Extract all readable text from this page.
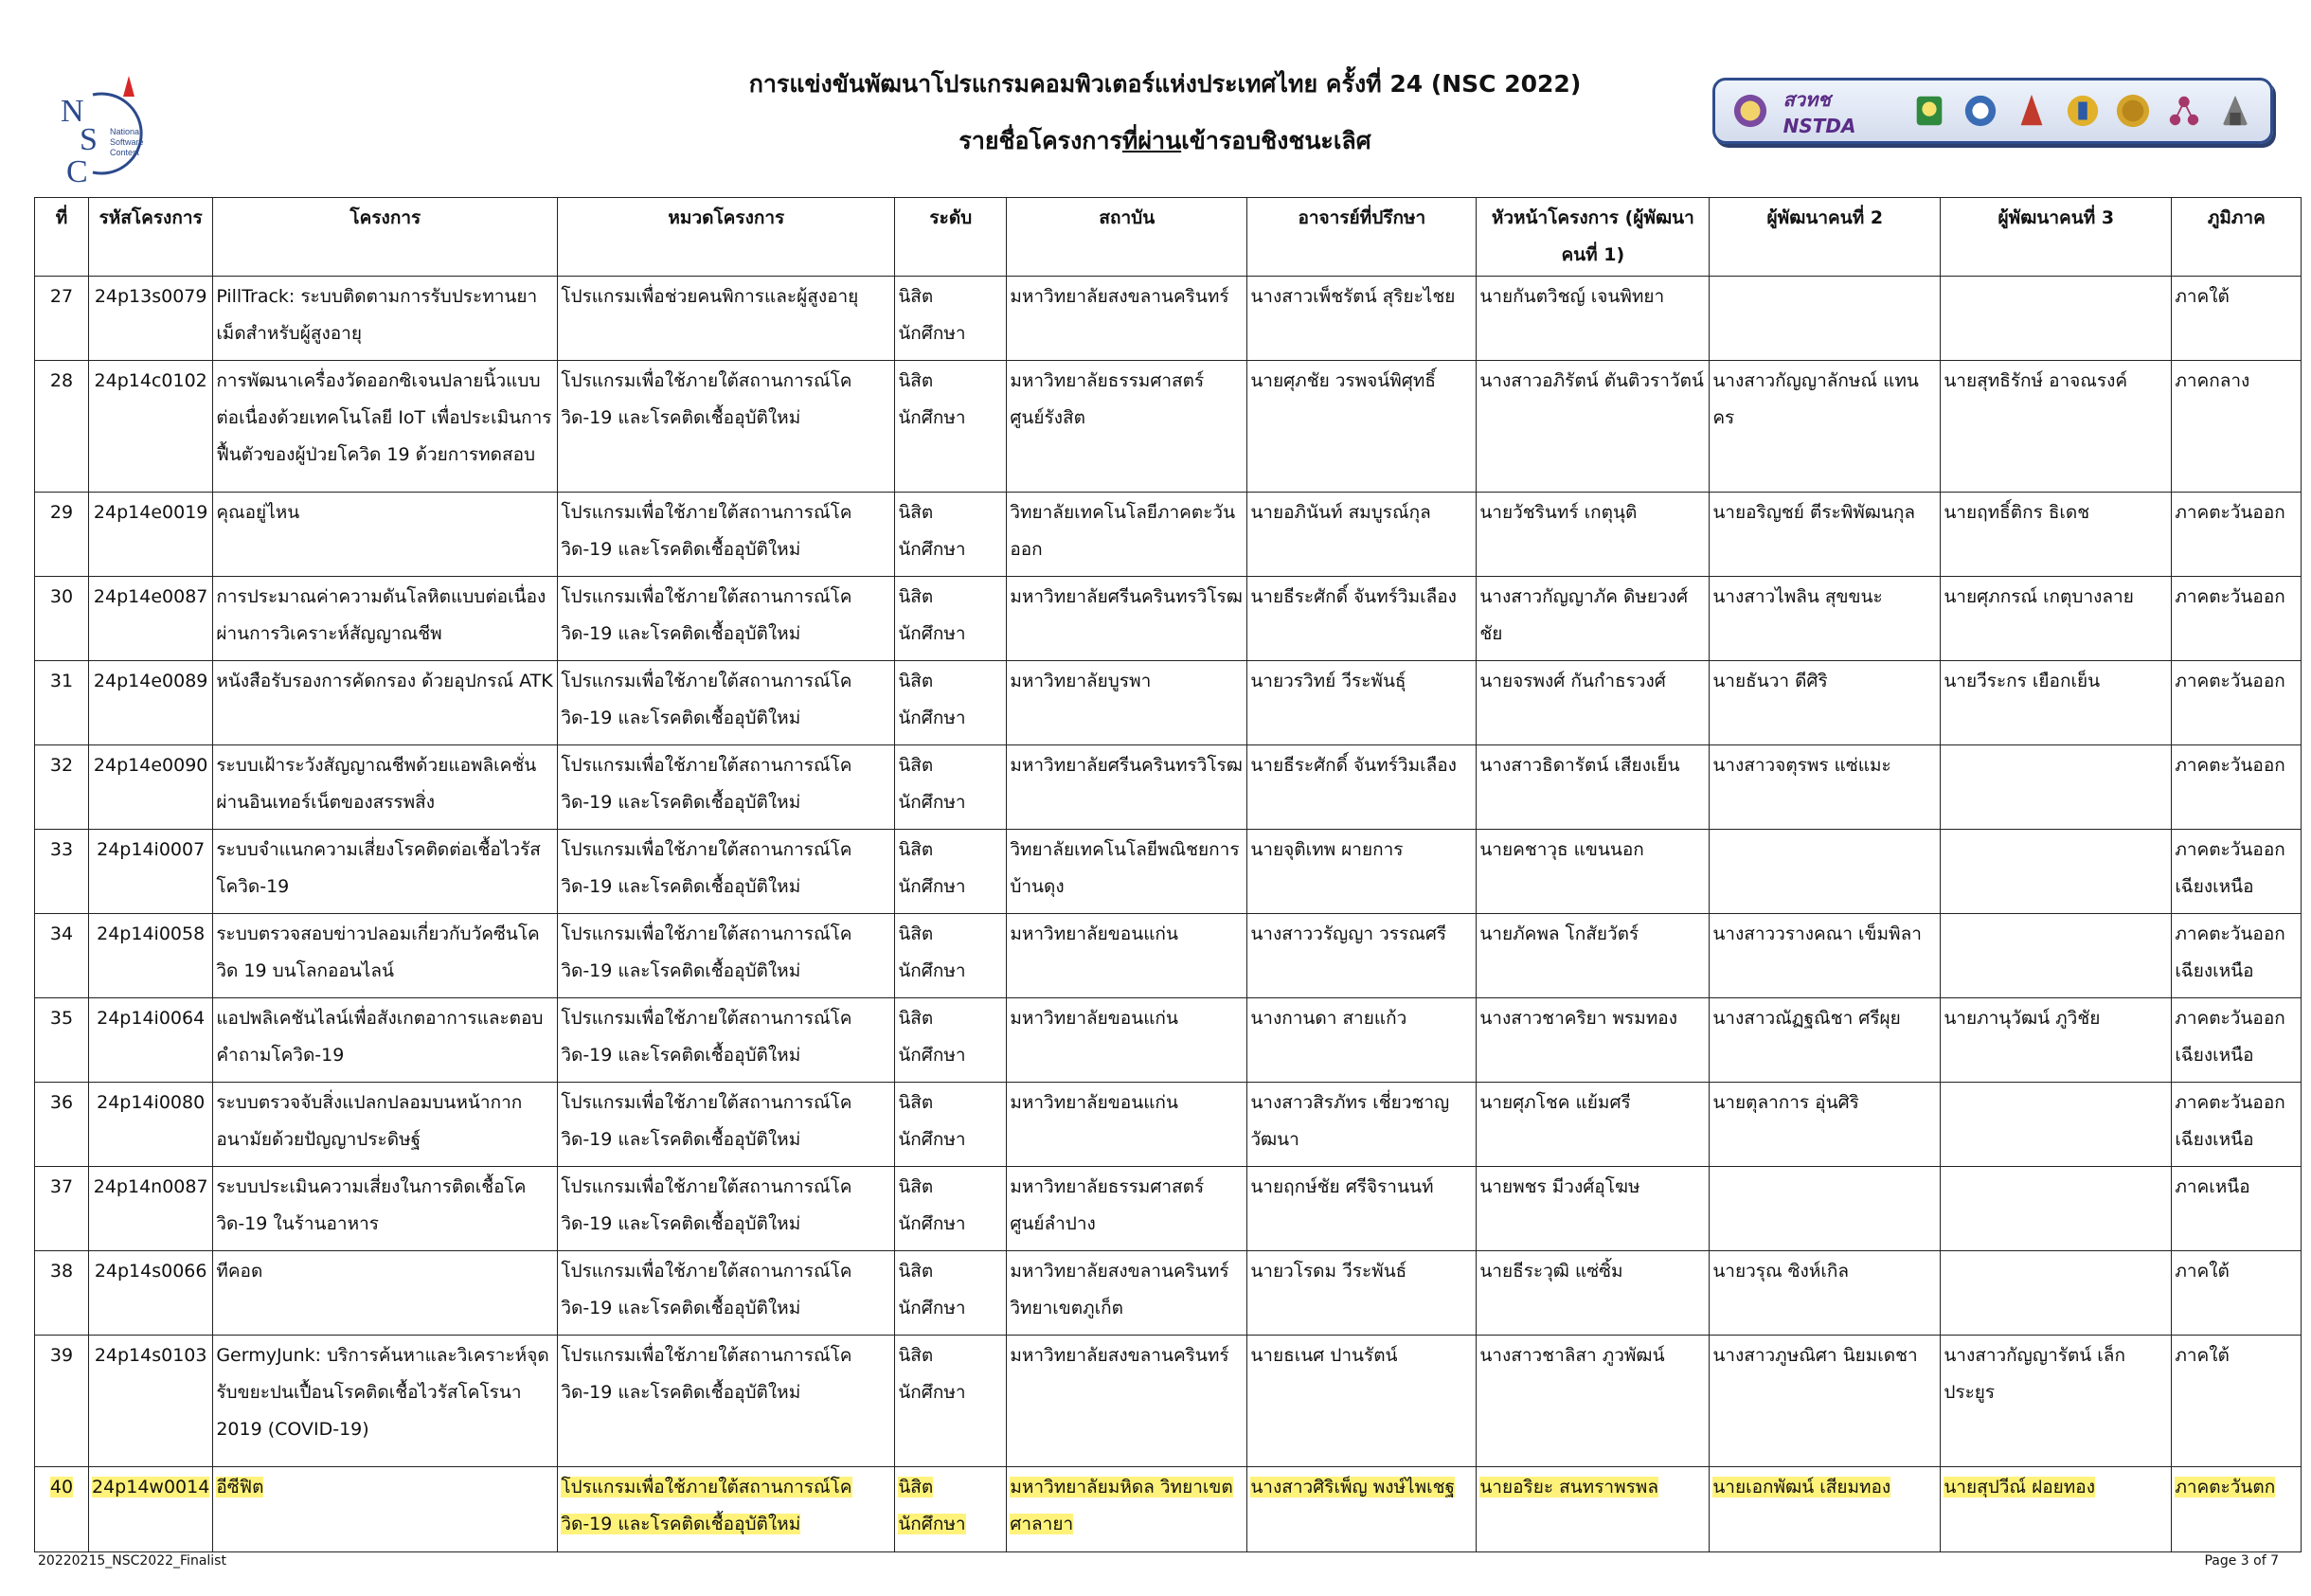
N
S
C
National
Software
Contest
การแข่งขันพัฒนาโปรแกรมคอมพิวเตอร์แห่งประเทศไทย ครั้งที่ 24 (NSC 2022)
รายชื่อโครงการที่ผ่านเข้ารอบชิงชนะเลิศ
สวทช NSTDA
ที่	รหัสโครงการ	โครงการ	หมวดโครงการ	ระดับ	สถาบัน	อาจารย์ที่ปรึกษา	หัวหน้าโครงการ (ผู้พัฒนาคนที่ 1)	ผู้พัฒนาคนที่ 2	ผู้พัฒนาคนที่ 3	ภูมิภาค
27	24p13s0079	PillTrack: ระบบติดตามการรับประทานยาเม็ดสำหรับผู้สูงอายุ	โปรแกรมเพื่อช่วยคนพิการและผู้สูงอายุ	นิสิต นักศึกษา	มหาวิทยาลัยสงขลานครินทร์	นางสาวเพ็ชรัตน์ สุริยะไชย	นายกันตวิชญ์ เจนพิทยา			ภาคใต้
28	24p14c0102	การพัฒนาเครื่องวัดออกซิเจนปลายนิ้วแบบต่อเนื่องด้วยเทคโนโลยี IoT เพื่อประเมินการฟื้นตัวของผู้ป่วยโควิด 19 ด้วยการทดสอบ	โปรแกรมเพื่อใช้ภายใต้สถานการณ์โควิด-19 และโรคติดเชื้ออุบัติใหม่	นิสิต นักศึกษา	มหาวิทยาลัยธรรมศาสตร์ ศูนย์รังสิต	นายศุภชัย วรพจน์พิศุทธิ์	นางสาวอภิรัตน์ ตันติวราวัตน์	นางสาวกัญญาลักษณ์ แทนคร	นายสุทธิรักษ์ อาจณรงค์	ภาคกลาง
29	24p14e0019	คุณอยู่ไหน	โปรแกรมเพื่อใช้ภายใต้สถานการณ์โควิด-19 และโรคติดเชื้ออุบัติใหม่	นิสิต นักศึกษา	วิทยาลัยเทคโนโลยีภาคตะวันออก	นายอภินันท์ สมบูรณ์กุล	นายวัชรินทร์ เกตุนุติ	นายอริญชย์ ตีระพิพัฒนกุล	นายฤทธิ์ติกร ธิเดช	ภาคตะวันออก
30	24p14e0087	การประมาณค่าความดันโลหิตแบบต่อเนื่องผ่านการวิเคราะห์สัญญาณชีพ	โปรแกรมเพื่อใช้ภายใต้สถานการณ์โควิด-19 และโรคติดเชื้ออุบัติใหม่	นิสิต นักศึกษา	มหาวิทยาลัยศรีนครินทรวิโรฒ	นายธีระศักดิ์ จันทร์วิมเลือง	นางสาวกัญญาภัค ดิษยวงศ์ชัย	นางสาวไพลิน สุขขนะ	นายศุภกรณ์ เกตุบางลาย	ภาคตะวันออก
31	24p14e0089	หนังสือรับรองการคัดกรอง ด้วยอุปกรณ์ ATK	โปรแกรมเพื่อใช้ภายใต้สถานการณ์โควิด-19 และโรคติดเชื้ออุบัติใหม่	นิสิต นักศึกษา	มหาวิทยาลัยบูรพา	นายวรวิทย์ วีระพันธุ์	นายจรพงศ์ กันกำธรวงศ์	นายธันวา ดีศิริ	นายวีระกร เยือกเย็น	ภาคตะวันออก
32	24p14e0090	ระบบเฝ้าระวังสัญญาณชีพด้วยแอพลิเคชั่นผ่านอินเทอร์เน็ตของสรรพสิ่ง	โปรแกรมเพื่อใช้ภายใต้สถานการณ์โควิด-19 และโรคติดเชื้ออุบัติใหม่	นิสิต นักศึกษา	มหาวิทยาลัยศรีนครินทรวิโรฒ	นายธีระศักดิ์ จันทร์วิมเลือง	นางสาวธิดารัตน์ เสียงเย็น	นางสาวจตุรพร แซ่แมะ		ภาคตะวันออก
33	24p14i0007	ระบบจำแนกความเสี่ยงโรคติดต่อเชื้อไวรัสโควิด-19	โปรแกรมเพื่อใช้ภายใต้สถานการณ์โควิด-19 และโรคติดเชื้ออุบัติใหม่	นิสิต นักศึกษา	วิทยาลัยเทคโนโลยีพณิชยการบ้านดุง	นายจุติเทพ ผายการ	นายคชาวุธ แขนนอก			ภาคตะวันออกเฉียงเหนือ
34	24p14i0058	ระบบตรวจสอบข่าวปลอมเกี่ยวกับวัคซีนโควิด 19 บนโลกออนไลน์	โปรแกรมเพื่อใช้ภายใต้สถานการณ์โควิด-19 และโรคติดเชื้ออุบัติใหม่	นิสิต นักศึกษา	มหาวิทยาลัยขอนแก่น	นางสาววรัญญา วรรณศรี	นายภัคพล โกสัยวัตร์	นางสาววรางคณา เข็มพิลา		ภาคตะวันออกเฉียงเหนือ
35	24p14i0064	แอปพลิเคชันไลน์เพื่อสังเกตอาการและตอบคำถามโควิด-19	โปรแกรมเพื่อใช้ภายใต้สถานการณ์โควิด-19 และโรคติดเชื้ออุบัติใหม่	นิสิต นักศึกษา	มหาวิทยาลัยขอนแก่น	นางกานดา สายแก้ว	นางสาวชาคริยา พรมทอง	นางสาวณัฏฐณิชา ศรีผุย	นายภานุวัฒน์ ภูวิชัย	ภาคตะวันออกเฉียงเหนือ
36	24p14i0080	ระบบตรวจจับสิ่งแปลกปลอมบนหน้ากากอนามัยด้วยปัญญาประดิษฐ์	โปรแกรมเพื่อใช้ภายใต้สถานการณ์โควิด-19 และโรคติดเชื้ออุบัติใหม่	นิสิต นักศึกษา	มหาวิทยาลัยขอนแก่น	นางสาวสิรภัทร เชี่ยวชาญวัฒนา	นายศุภโชค แย้มศรี	นายตุลาการ อุ่นศิริ		ภาคตะวันออกเฉียงเหนือ
37	24p14n0087	ระบบประเมินความเสี่ยงในการติดเชื้อโควิด-19 ในร้านอาหาร	โปรแกรมเพื่อใช้ภายใต้สถานการณ์โควิด-19 และโรคติดเชื้ออุบัติใหม่	นิสิต นักศึกษา	มหาวิทยาลัยธรรมศาสตร์ ศูนย์ลำปาง	นายฤกษ์ชัย ศรีจิรานนท์	นายพชร มีวงศ์อุโฆษ			ภาคเหนือ
38	24p14s0066	ทีคอด	โปรแกรมเพื่อใช้ภายใต้สถานการณ์โควิด-19 และโรคติดเชื้ออุบัติใหม่	นิสิต นักศึกษา	มหาวิทยาลัยสงขลานครินทร์ วิทยาเขตภูเก็ต	นายวโรดม วีระพันธ์	นายธีระวุฒิ แซ่ซิ้ม	นายวรุณ ซิงห์เกิล		ภาคใต้
39	24p14s0103	GermyJunk: บริการค้นหาและวิเคราะห์จุดรับขยะปนเปื้อนโรคติดเชื้อไวรัสโคโรนา 2019 (COVID-19)	โปรแกรมเพื่อใช้ภายใต้สถานการณ์โควิด-19 และโรคติดเชื้ออุบัติใหม่	นิสิต นักศึกษา	มหาวิทยาลัยสงขลานครินทร์	นายธเนศ ปานรัตน์	นางสาวชาลิสา ภูวพัฒน์	นางสาวภูษณิศา นิยมเดชา	นางสาวกัญญารัตน์ เล็กประยูร	ภาคใต้
40	24p14w0014	อีซีฟิต	โปรแกรมเพื่อใช้ภายใต้สถานการณ์โควิด-19 และโรคติดเชื้ออุบัติใหม่	นิสิต นักศึกษา	มหาวิทยาลัยมหิดล วิทยาเขตศาลายา	นางสาวศิริเพ็ญ พงษ์ไพเชฐ	นายอริยะ สนทราพรพล	นายเอกพัฒน์ เสียมทอง	นายสุปวีณ์ ฝอยทอง	ภาคตะวันตก
20220215_NSC2022_Finalist	Page 3 of 7
